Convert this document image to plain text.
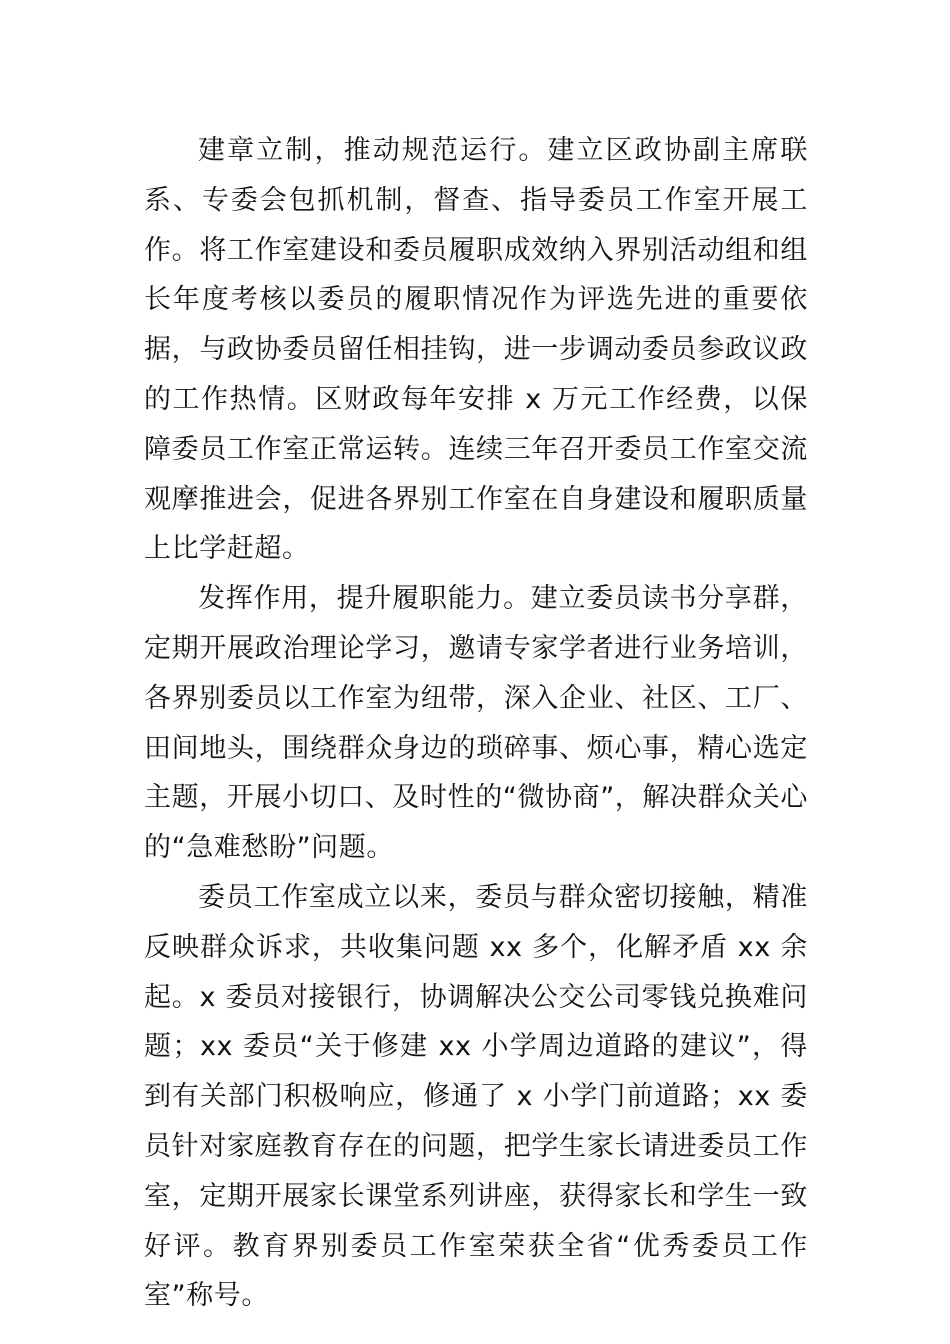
建章立制，推动规范运行。建立区政协副主席联系、专委会包抓机制，督查、指导委员工作室开展工作。将工作室建设和委员履职成效纳入界别活动组和组长年度考核以委员的履职情况作为评选先进的重要依据，与政协委员留任相挂钩，进一步调动委员参政议政的工作热情。区财政每年安排 x 万元工作经费，以保障委员工作室正常运转。连续三年召开委员工作室交流观摩推进会，促进各界别工作室在自身建设和履职质量上比学赶超。

发挥作用，提升履职能力。建立委员读书分享群，定期开展政治理论学习，邀请专家学者进行业务培训，各界别委员以工作室为纽带，深入企业、社区、工厂、田间地头，围绕群众身边的琐碎事、烦心事，精心选定主题，开展小切口、及时性的“微协商”，解决群众关心的“急难愁盼”问题。

委员工作室成立以来，委员与群众密切接触，精准反映群众诉求，共收集问题 xx 多个，化解矛盾 xx 余起。x 委员对接银行，协调解决公交公司零钱兑换难问题；xx 委员“关于修建 xx 小学周边道路的建议”，得到有关部门积极响应，修通了 x 小学门前道路；xx 委员针对家庭教育存在的问题，把学生家长请进委员工作室，定期开展家长课堂系列讲座，获得家长和学生一致好评。教育界别委员工作室荣获全省“优秀委员工作室”称号。
